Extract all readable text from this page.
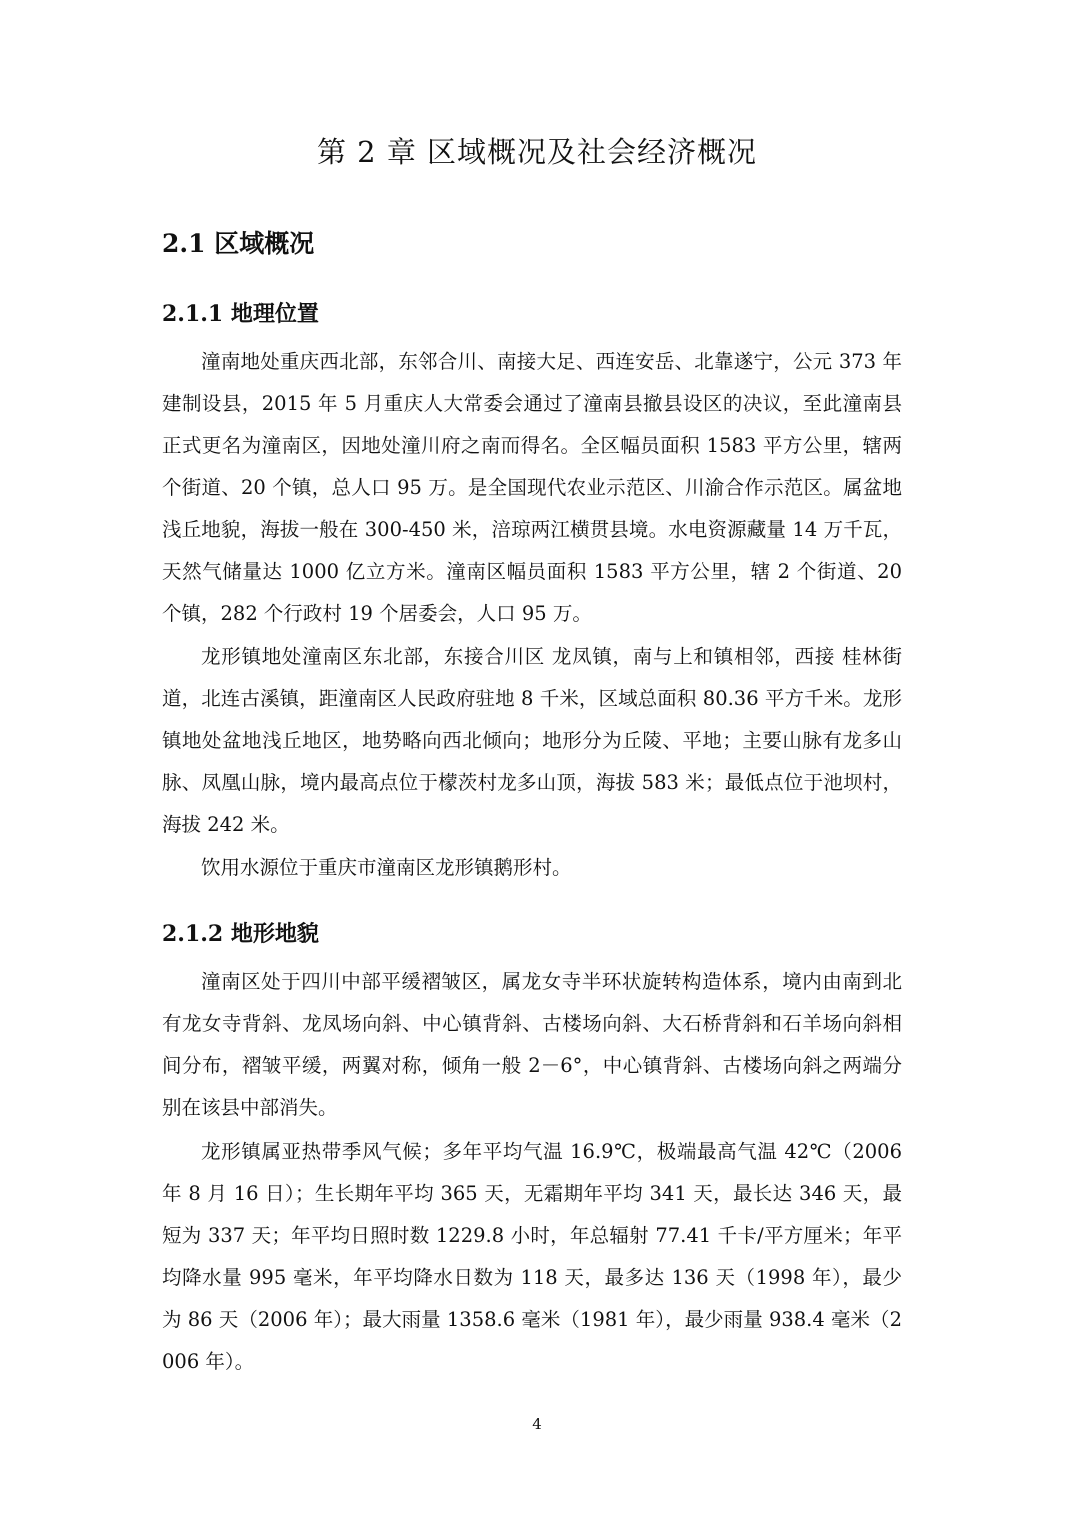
第 2 章 区域概况及社会经济概况
2.1 区域概况
2.1.1 地理位置

潼南地处重庆西北部，东邻合川、南接大足、西连安岳、北靠遂宁，公元 373 年建制设县，2015 年 5 月重庆人大常委会通过了潼南县撤县设区的决议，至此潼南县正式更名为潼南区，因地处潼川府之南而得名。全区幅员面积 1583 平方公里，辖两个街道、20 个镇，总人口 95 万。是全国现代农业示范区、川渝合作示范区。属盆地浅丘地貌，海拔一般在 300-450 米，涪琼两江横贯县境。水电资源藏量 14 万千瓦，天然气储量达 1000 亿立方米。潼南区幅员面积 1583 平方公里，辖 2 个街道、20 个镇，282 个行政村 19 个居委会，人口 95 万。

龙形镇地处潼南区东北部，东接合川区 龙凤镇，南与上和镇相邻，西接 桂林街道，北连古溪镇，距潼南区人民政府驻地 8 千米，区域总面积 80.36 平方千米。龙形镇地处盆地浅丘地区，地势略向西北倾向；地形分为丘陵、平地；主要山脉有龙多山脉、凤凰山脉，境内最高点位于檬茨村龙多山顶，海拔 583 米；最低点位于池坝村，海拔 242 米。

饮用水源位于重庆市潼南区龙形镇鹅形村。

2.1.2 地形地貌

潼南区处于四川中部平缓褶皱区，属龙女寺半环状旋转构造体系，境内由南到北有龙女寺背斜、龙凤场向斜、中心镇背斜、古楼场向斜、大石桥背斜和石羊场向斜相间分布，褶皱平缓，两翼对称，倾角一般 2－6°，中心镇背斜、古楼场向斜之两端分别在该县中部消失。

龙形镇属亚热带季风气候；多年平均气温 16.9℃，极端最高气温 42℃（2006 年 8 月 16 日）；生长期年平均 365 天，无霜期年平均 341 天，最长达 346 天，最短为 337 天；年平均日照时数 1229.8 小时，年总辐射 77.41 千卡/平方厘米；年平均降水量 995 毫米，年平均降水日数为 118 天，最多达 136 天（1998 年），最少为 86 天（2006 年）；最大雨量 1358.6 毫米（1981 年），最少雨量 938.4 毫米（2006 年）。

4
